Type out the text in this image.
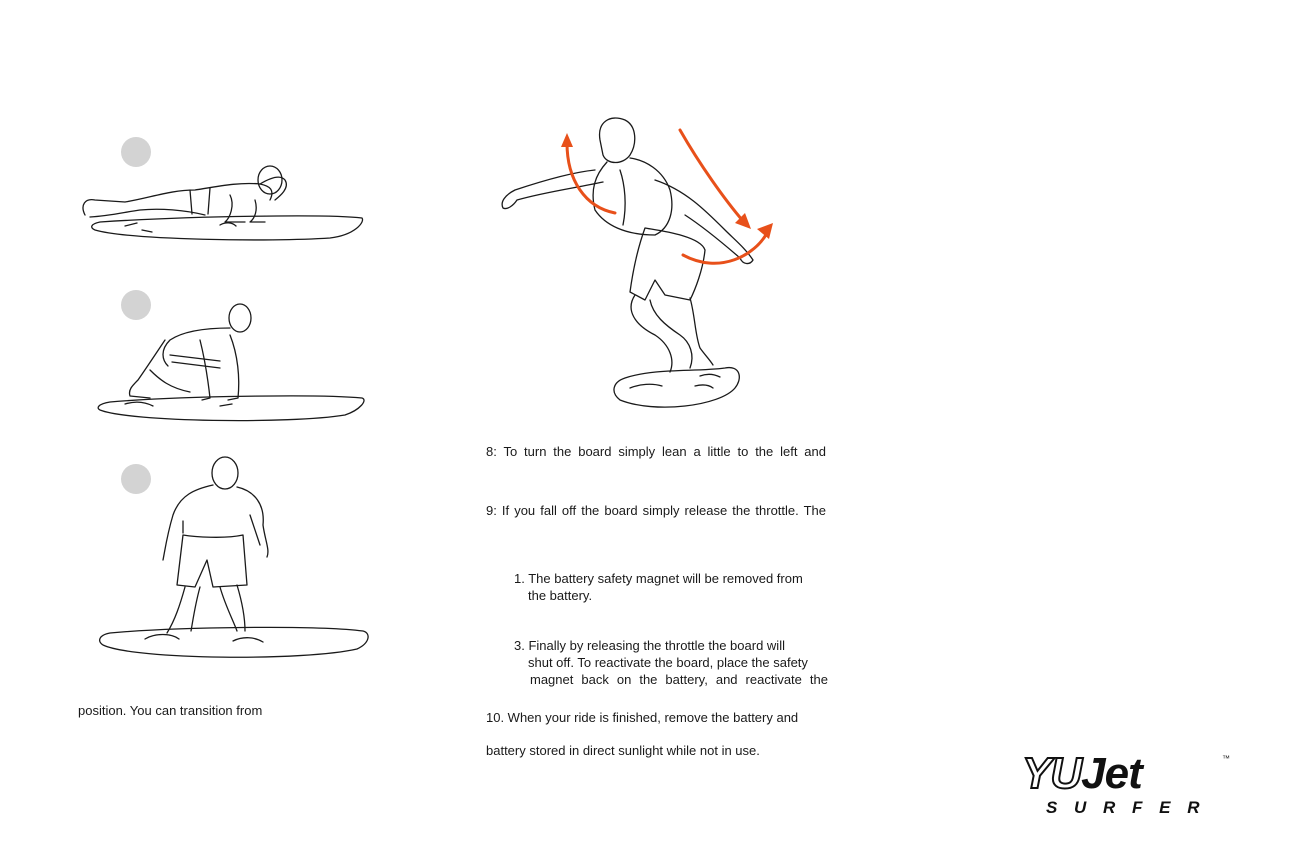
position. You can transition from
8: To turn the board simply lean a little to the left and
9: If you fall off the board simply release the throttle. The
1. The battery safety magnet will be removed from
the battery.
3. Finally by releasing the throttle the board will
shut off. To reactivate the board, place the safety
magnet back on the battery, and reactivate the
10. When your ride is finished, remove the battery and
battery stored in direct sunlight while not in use.	YUJet	™
S U R F E R
